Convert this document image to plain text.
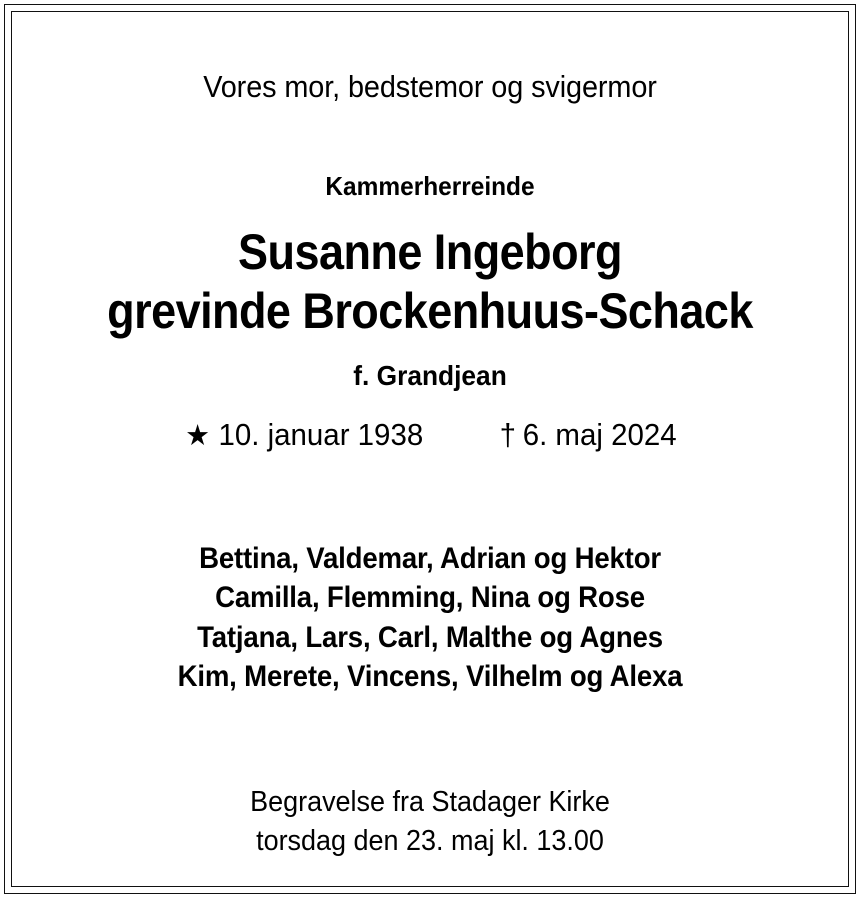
Vores mor, bedstemor og svigermor
Kammerherreinde
Susanne Ingeborg
grevinde Brockenhuus-Schack
f. Grandjean
★ 10. januar 1938 † 6. maj 2024
Bettina, Valdemar, Adrian og Hektor
Camilla, Flemming, Nina og Rose
Tatjana, Lars, Carl, Malthe og Agnes
Kim, Merete, Vincens, Vilhelm og Alexa
Begravelse fra Stadager Kirke
torsdag den 23. maj kl. 13.00
